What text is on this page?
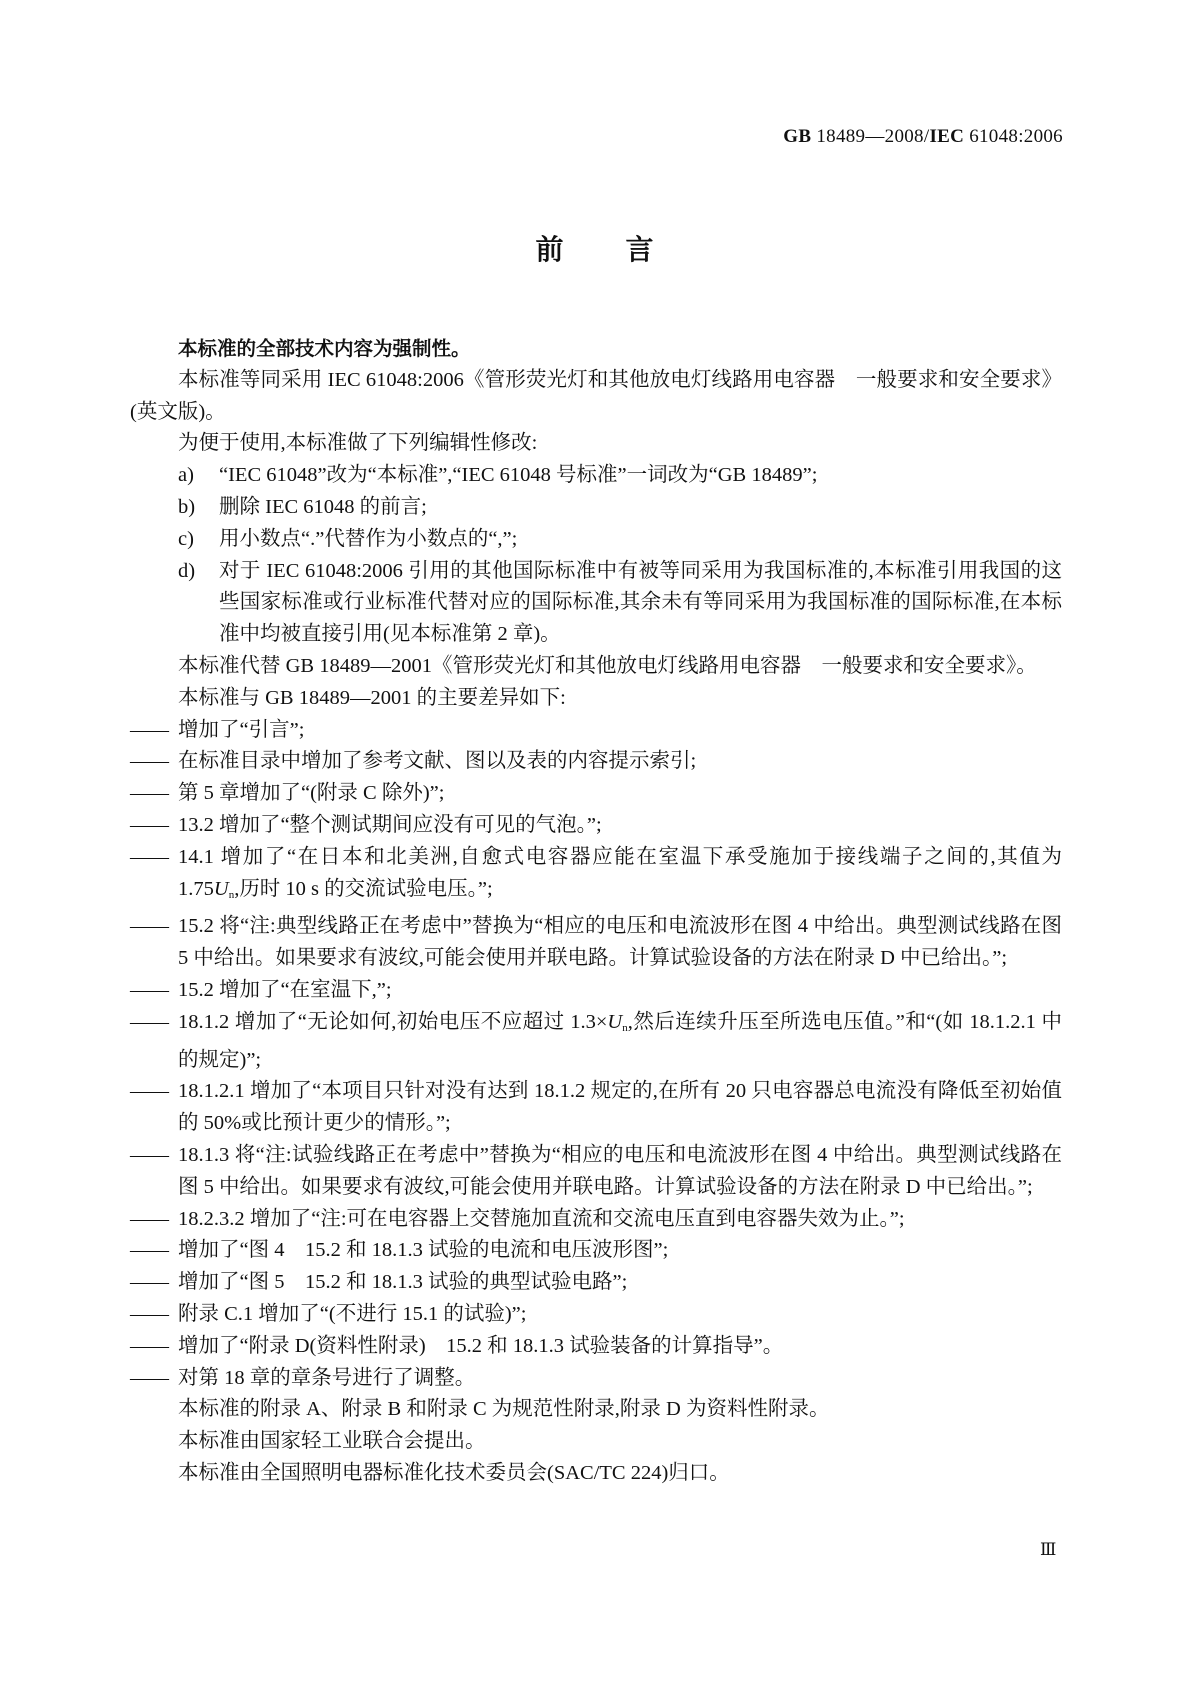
GB 18489—2008/IEC 61048:2006
前　　言

本标准的全部技术内容为强制性。

本标准等同采用 IEC 61048:2006《管形荧光灯和其他放电灯线路用电容器　一般要求和安全要求》(英文版)。

为便于使用,本标准做了下列编辑性修改:

a)	“IEC 61048”改为“本标准”,“IEC 61048 号标准”一词改为“GB 18489”;
b)	删除 IEC 61048 的前言;
c)	用小数点“.”代替作为小数点的“,”;
d)	对于 IEC 61048:2006 引用的其他国际标准中有被等同采用为我国标准的,本标准引用我国的这些国家标准或行业标准代替对应的国际标准,其余未有等同采用为我国标准的国际标准,在本标准中均被直接引用(见本标准第 2 章)。

本标准代替 GB 18489—2001《管形荧光灯和其他放电灯线路用电容器　一般要求和安全要求》。

本标准与 GB 18489—2001 的主要差异如下:

—— 增加了“引言”;
—— 在标准目录中增加了参考文献、图以及表的内容提示索引;
—— 第 5 章增加了“(附录 C 除外)”;
—— 13.2 增加了“整个测试期间应没有可见的气泡。”;
—— 14.1 增加了“在日本和北美洲,自愈式电容器应能在室温下承受施加于接线端子之间的,其值为 $1.75U_n$,历时 10 s 的交流试验电压。”;
—— 15.2 将“注:典型线路正在考虑中”替换为“相应的电压和电流波形在图 4 中给出。典型测试线路在图 5 中给出。如果要求有波纹,可能会使用并联电路。计算试验设备的方法在附录 D 中已给出。”;
—— 15.2 增加了“在室温下,”;
—— 18.1.2 增加了“无论如何,初始电压不应超过 $1.3\times U_n$,然后连续升压至所选电压值。”和“(如 18.1.2.1 中的规定)”;
—— 18.1.2.1 增加了“本项目只针对没有达到 18.1.2 规定的,在所有 20 只电容器总电流没有降低至初始值的 50%或比预计更少的情形。”;
—— 18.1.3 将“注:试验线路正在考虑中”替换为“相应的电压和电流波形在图 4 中给出。典型测试线路在图 5 中给出。如果要求有波纹,可能会使用并联电路。计算试验设备的方法在附录 D 中已给出。”;
—— 18.2.3.2 增加了“注:可在电容器上交替施加直流和交流电压直到电容器失效为止。”;
—— 增加了“图 4　15.2 和 18.1.3 试验的电流和电压波形图”;
—— 增加了“图 5　15.2 和 18.1.3 试验的典型试验电路”;
—— 附录 C.1 增加了“(不进行 15.1 的试验)”;
—— 增加了“附录 D(资料性附录)　15.2 和 18.1.3 试验装备的计算指导”。
—— 对第 18 章的章条号进行了调整。

本标准的附录 A、附录 B 和附录 C 为规范性附录,附录 D 为资料性附录。

本标准由国家轻工业联合会提出。

本标准由全国照明电器标准化技术委员会(SAC/TC 224)归口。

Ⅲ
